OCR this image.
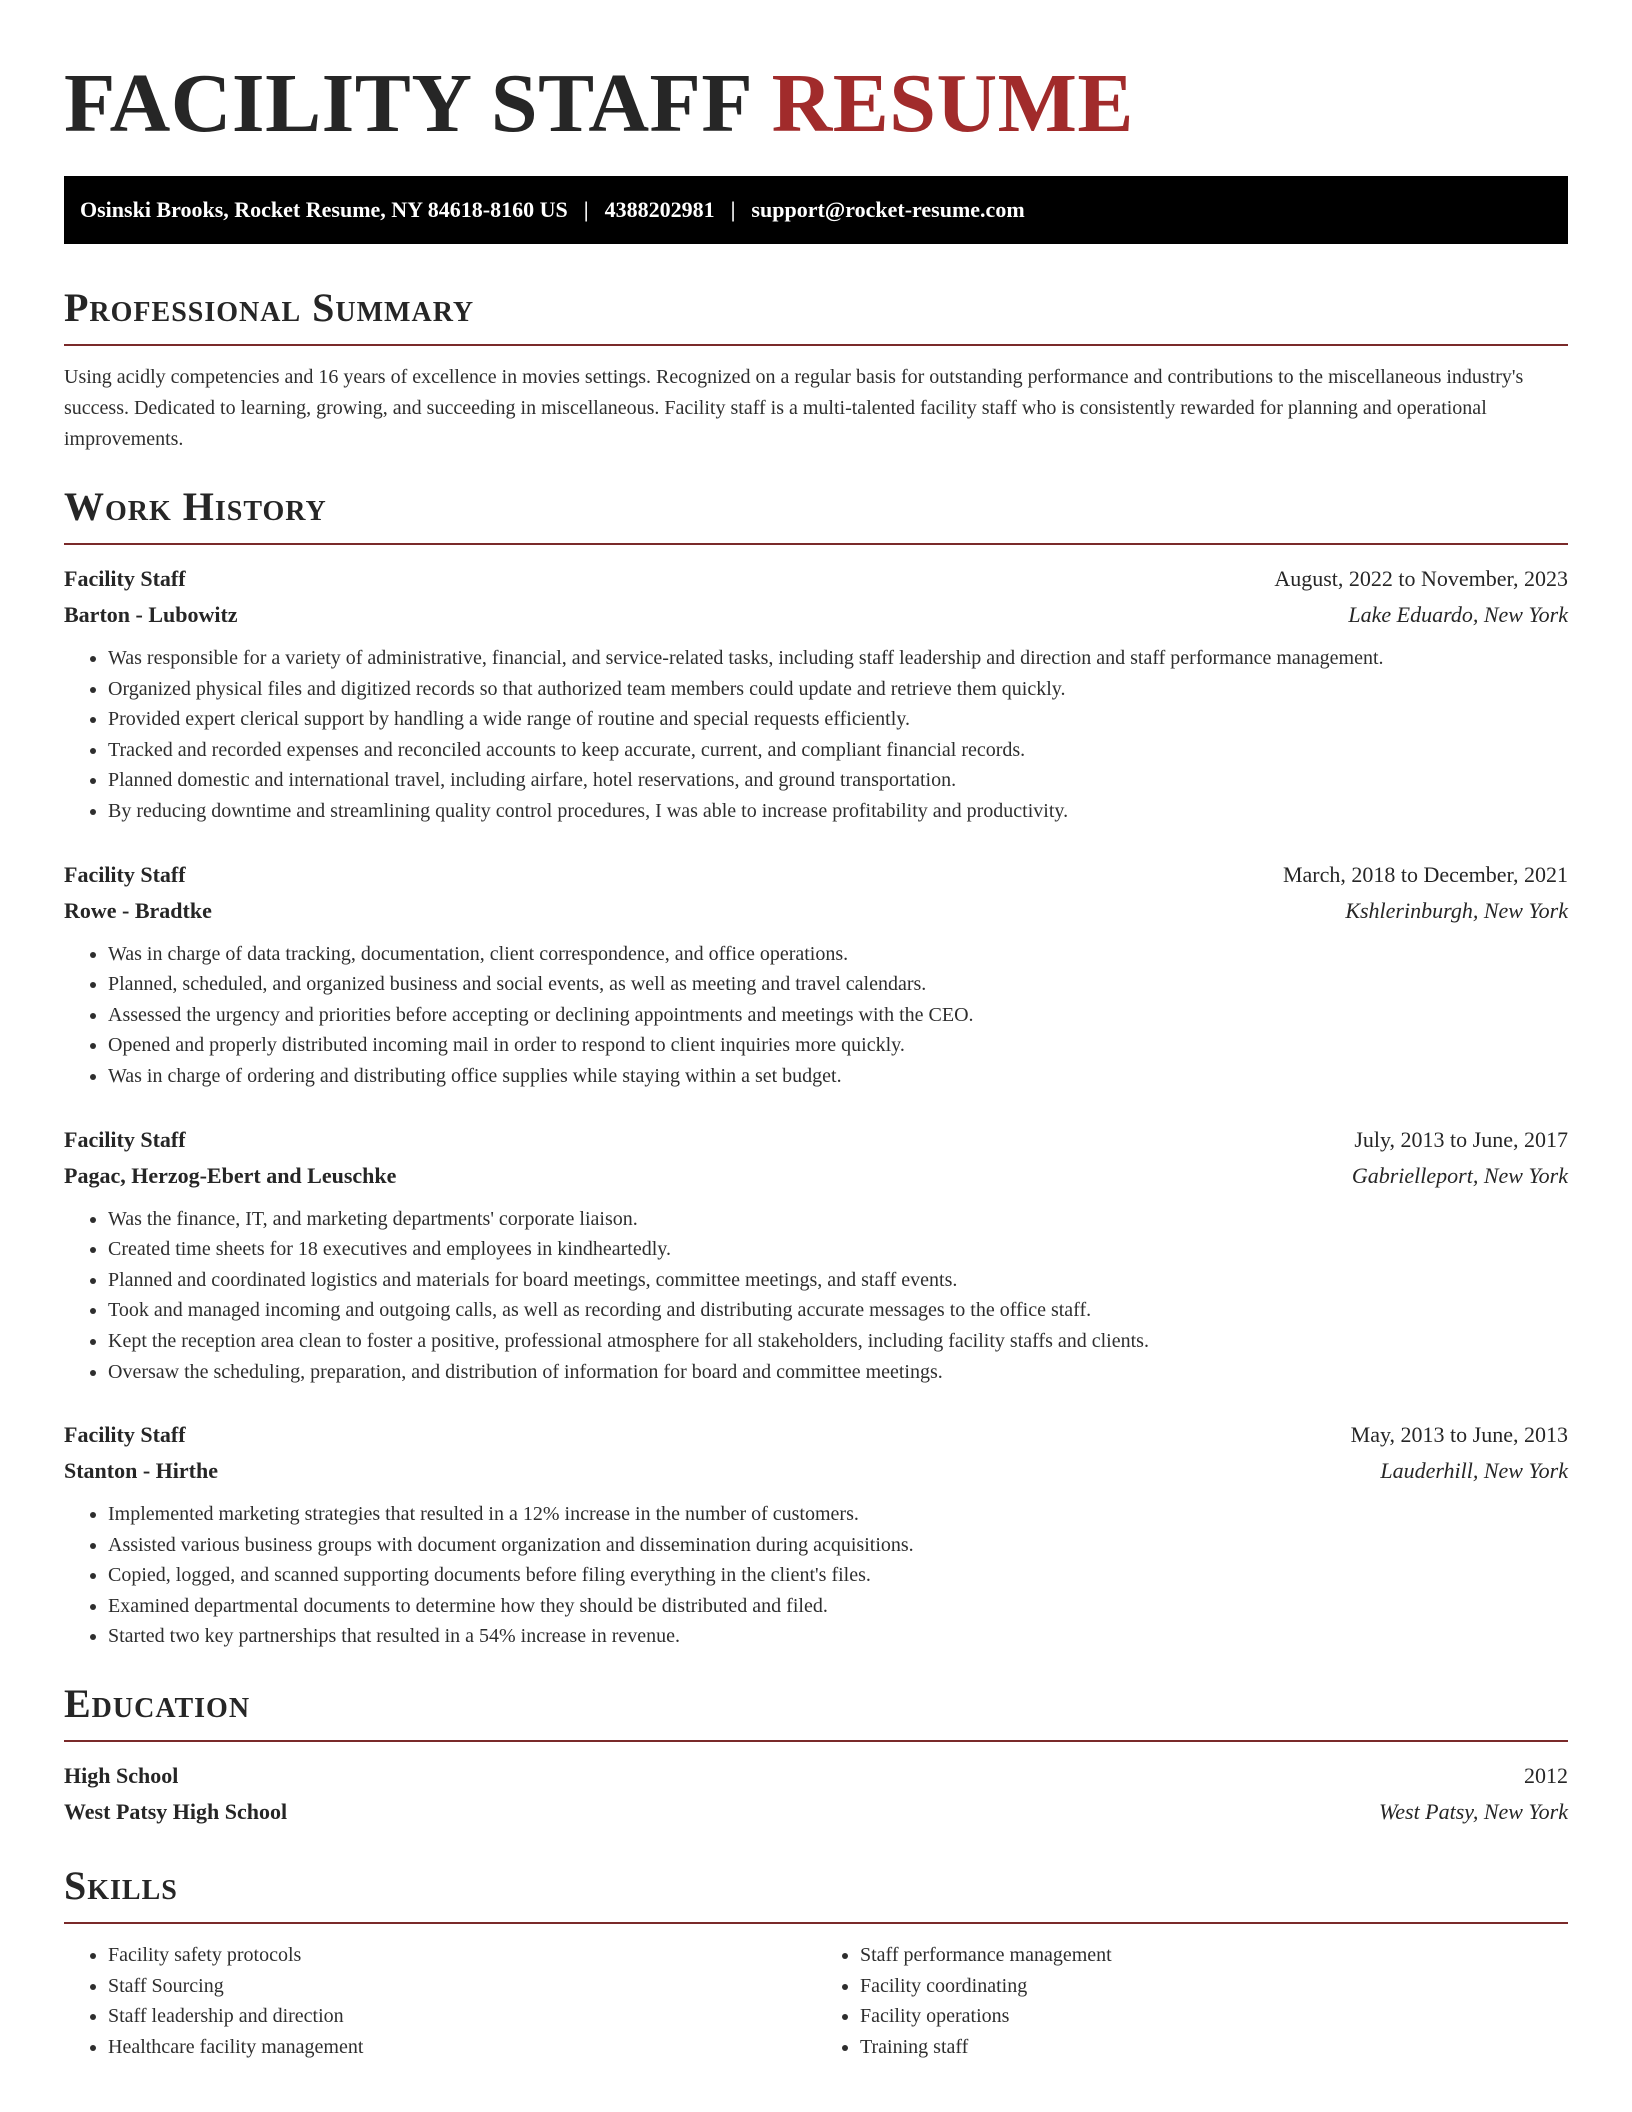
FACILITY STAFF RESUME
Osinski Brooks, Rocket Resume, NY 84618-8160 US | 4388202981 | support@rocket-resume.com
Professional Summary

Using acidly competencies and 16 years of excellence in movies settings. Recognized on a regular basis for outstanding performance and contributions to the miscellaneous industry's success. Dedicated to learning, growing, and succeeding in miscellaneous. Facility staff is a multi-talented facility staff who is consistently rewarded for planning and operational improvements.

Work History
Facility Staff	August, 2022 to November, 2023
Barton - Lubowitz	Lake Eduardo, New York
• Was responsible for a variety of administrative, financial, and service-related tasks, including staff leadership and direction and staff performance management.
• Organized physical files and digitized records so that authorized team members could update and retrieve them quickly.
• Provided expert clerical support by handling a wide range of routine and special requests efficiently.
• Tracked and recorded expenses and reconciled accounts to keep accurate, current, and compliant financial records.
• Planned domestic and international travel, including airfare, hotel reservations, and ground transportation.
• By reducing downtime and streamlining quality control procedures, I was able to increase profitability and productivity.
Facility Staff	March, 2018 to December, 2021
Rowe - Bradtke	Kshlerinburgh, New York
• Was in charge of data tracking, documentation, client correspondence, and office operations.
• Planned, scheduled, and organized business and social events, as well as meeting and travel calendars.
• Assessed the urgency and priorities before accepting or declining appointments and meetings with the CEO.
• Opened and properly distributed incoming mail in order to respond to client inquiries more quickly.
• Was in charge of ordering and distributing office supplies while staying within a set budget.
Facility Staff	July, 2013 to June, 2017
Pagac, Herzog-Ebert and Leuschke	Gabrielleport, New York
• Was the finance, IT, and marketing departments' corporate liaison.
• Created time sheets for 18 executives and employees in kindheartedly.
• Planned and coordinated logistics and materials for board meetings, committee meetings, and staff events.
• Took and managed incoming and outgoing calls, as well as recording and distributing accurate messages to the office staff.
• Kept the reception area clean to foster a positive, professional atmosphere for all stakeholders, including facility staffs and clients.
• Oversaw the scheduling, preparation, and distribution of information for board and committee meetings.
Facility Staff	May, 2013 to June, 2013
Stanton - Hirthe	Lauderhill, New York
• Implemented marketing strategies that resulted in a 12% increase in the number of customers.
• Assisted various business groups with document organization and dissemination during acquisitions.
• Copied, logged, and scanned supporting documents before filing everything in the client's files.
• Examined departmental documents to determine how they should be distributed and filed.
• Started two key partnerships that resulted in a 54% increase in revenue.
Education
High School	2012
West Patsy High School	West Patsy, New York
Skills
• Facility safety protocols
• Staff Sourcing
• Staff leadership and direction
• Healthcare facility management
• Staff performance management
• Facility coordinating
• Facility operations
• Training staff
